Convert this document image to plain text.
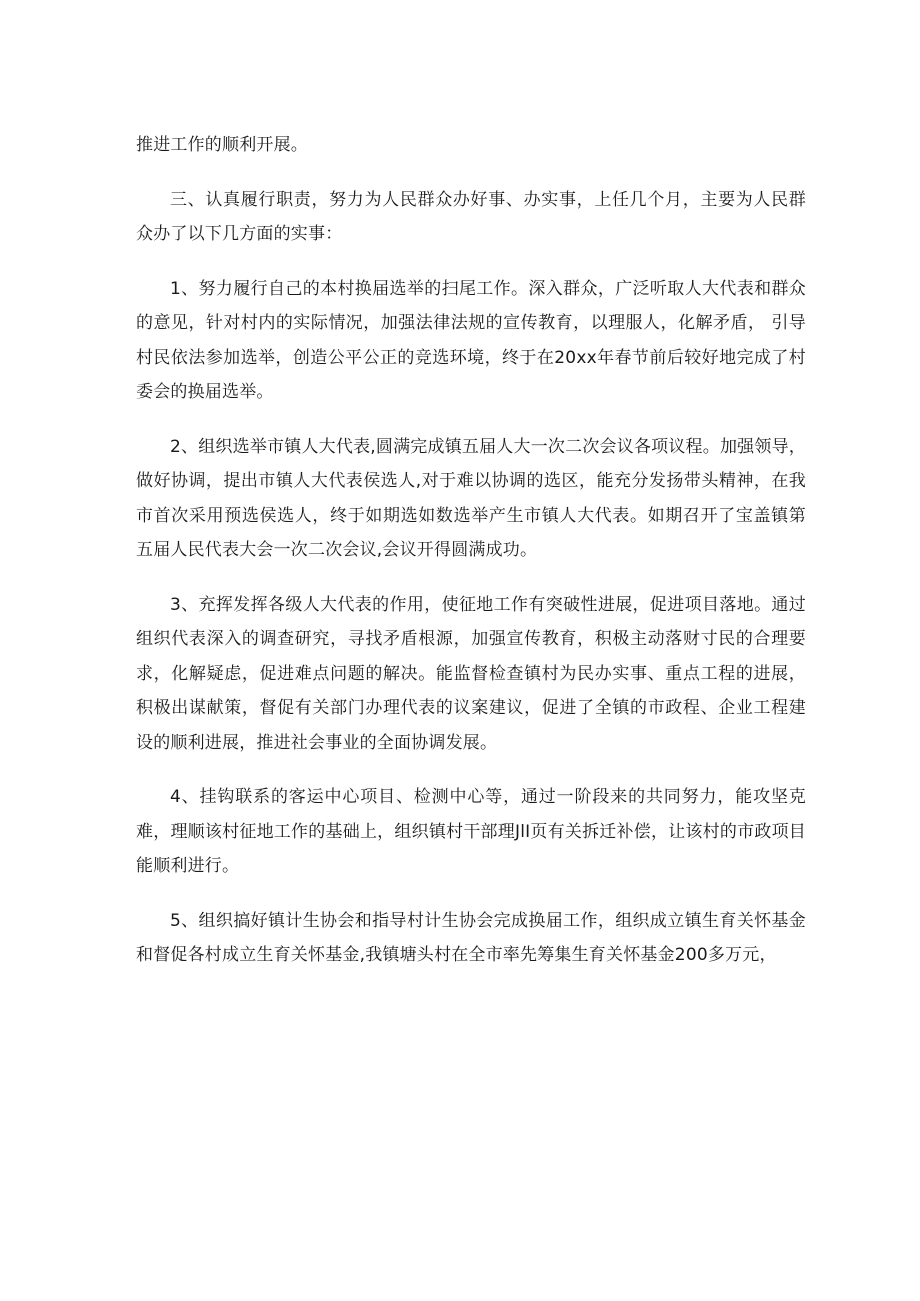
推进工作的顺利开展。

三、认真履行职责，努力为人民群众办好事、办实事，上任几个月，主要为人民群众办了以下几方面的实事：

1、努力履行自己的本村换届选举的扫尾工作。深入群众，广泛听取人大代表和群众的意见，针对村内的实际情况，加强法律法规的宣传教育，以理服人，化解矛盾， 引导村民依法参加选举，创造公平公正的竞选环境，终于在20xx年春节前后较好地完成了村委会的换届选举。

2、组织选举市镇人大代表,圆满完成镇五届人大一次二次会议各项议程。加强领导，做好协调，提出市镇人大代表侯选人,对于难以协调的选区，能充分发扬带头精神，在我市首次采用预选侯选人，终于如期选如数选举产生市镇人大代表。如期召开了宝盖镇第五届人民代表大会一次二次会议,会议开得圆满成功。

3、充挥发挥各级人大代表的作用，使征地工作有突破性进展，促进项目落地。通过组织代表深入的调查研究，寻找矛盾根源，加强宣传教育，积极主动落财寸民的合理要求，化解疑虑，促进难点问题的解决。能监督检查镇村为民办实事、重点工程的进展，积极出谋献策，督促有关部门办理代表的议案建议，促进了全镇的市政程、企业工程建设的顺利进展，推进社会事业的全面协调发展。

4、挂钩联系的客运中心项目、检测中心等，通过一阶段来的共同努力，能攻坚克难，理顺该村征地工作的基础上，组织镇村干部理JlI页有关拆迁补偿，让该村的市政项目能顺利进行。

5、组织搞好镇计生协会和指导村计生协会完成换届工作，组织成立镇生育关怀基金和督促各村成立生育关怀基金,我镇塘头村在全市率先筹集生育关怀基金200多万元，
